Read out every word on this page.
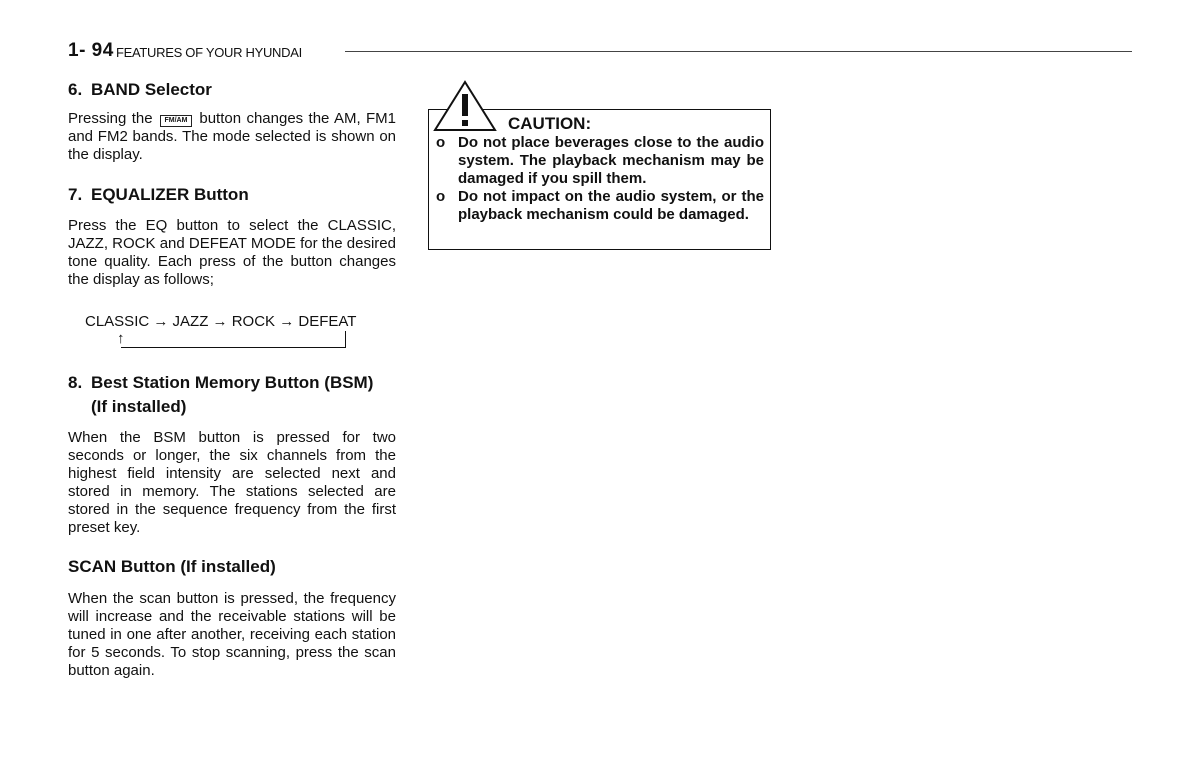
1- 94 FEATURES OF YOUR HYUNDAI
6. BAND Selector

Pressing the FM/AM button changes the AM, FM1 and FM2 bands. The mode selected is shown on the display.

7. EQUALIZER Button

Press the EQ button to select the CLASSIC, JAZZ, ROCK and DEFEAT MODE for the desired tone quality. Each press of the button changes the display as follows;

CLASSIC → JAZZ → ROCK → DEFEAT
↑
8. Best Station Memory Button (BSM)
(If installed)

When the BSM button is pressed for two seconds or longer, the six channels from the highest field intensity are selected next and stored in memory. The stations selected are stored in the sequence frequency from the first preset key.

SCAN Button (If installed)

When the scan button is pressed, the frequency will increase and the receivable stations will be tuned in one after another, receiving each station for 5 seconds. To stop scanning, press the scan button again.

CAUTION:
o Do not place beverages close to the audio system. The playback mechanism may be damaged if you spill them.
o Do not impact on the audio system, or the playback mechanism could be damaged.
